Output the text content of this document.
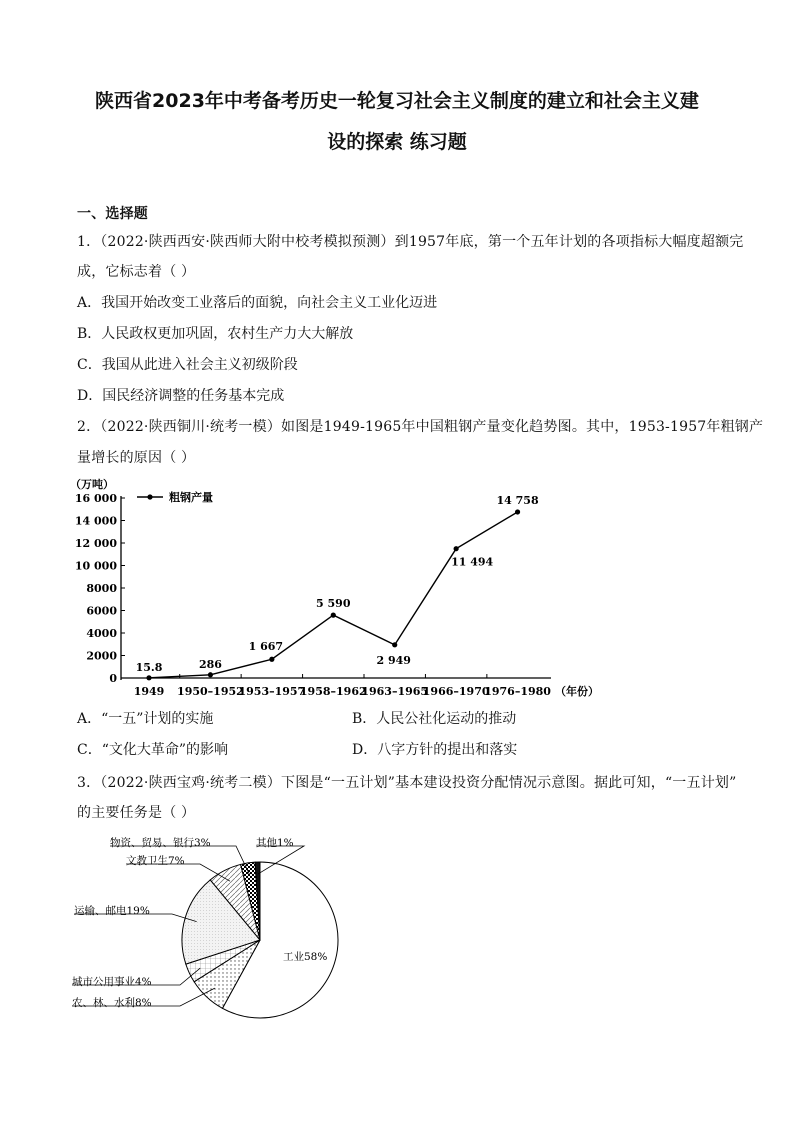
陕西省2023年中考备考历史一轮复习社会主义制度的建立和社会主义建
设的探索 练习题
一、选择题
1．（2022·陕西西安·陕西师大附中校考模拟预测）到1957年底，第一个五年计划的各项指标大幅度超额完
成，它标志着（ ）
A．我国开始改变工业落后的面貌，向社会主义工业化迈进
B．人民政权更加巩固，农村生产力大大解放
C．我国从此进入社会主义初级阶段
D．国民经济调整的任务基本完成
2．（2022·陕西铜川·统考一模）如图是1949-1965年中国粗钢产量变化趋势图。其中，1953-1957年粗钢产
量增长的原因（ ）
（万吨）
0
2000
4000
6000
8000
10 000
12 000
14 000
16 000
1949 1950–1952
1953–1957
1958–1962
1963–1965
1966–1970
1976–1980 （年份）
15.8	286
1 667
5 590
2 949
11 494
14 758
粗钢产量
A．“一五”计划的实施	B．人民公社化运动的推动
C．“文化大革命”的影响	D．八字方针的提出和落实
3．（2022·陕西宝鸡·统考二模）下图是“一五计划”基本建设投资分配情况示意图。据此可知，“一五计划”
的主要任务是（ ）
工业58%
农、林、水利8%
城市公用事业4%
运输、邮电19%
文教卫生7%
物资、贸易、银行3%	其他1%
